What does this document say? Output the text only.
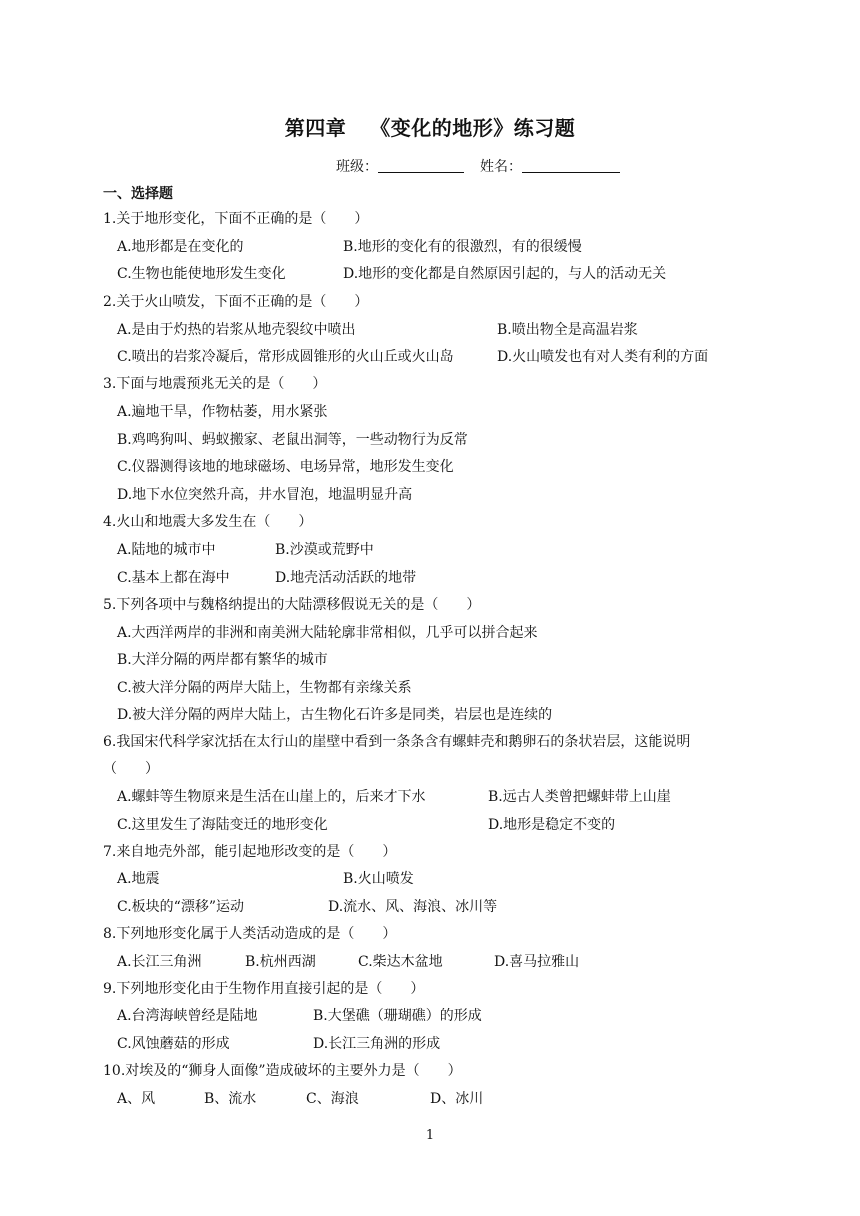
第四章 《变化的地形》练习题
班级：	姓名：
一、选择题
1.关于地形变化，下面不正确的是（　　）
A.地形都是在变化的	B.地形的变化有的很激烈，有的很缓慢
C.生物也能使地形发生变化	D.地形的变化都是自然原因引起的，与人的活动无关
2.关于火山喷发，下面不正确的是（　　）
A.是由于灼热的岩浆从地壳裂纹中喷出	B.喷出物全是高温岩浆
C.喷出的岩浆冷凝后，常形成圆锥形的火山丘或火山岛	D.火山喷发也有对人类有利的方面
3.下面与地震预兆无关的是（　　）
A.遍地干旱，作物枯萎，用水紧张
B.鸡鸣狗叫、蚂蚁搬家、老鼠出洞等，一些动物行为反常
C.仪器测得该地的地球磁场、电场异常，地形发生变化
D.地下水位突然升高，井水冒泡，地温明显升高
4.火山和地震大多发生在（　　）
A.陆地的城市中	B.沙漠或荒野中
C.基本上都在海中	D.地壳活动活跃的地带
5.下列各项中与魏格纳提出的大陆漂移假说无关的是（　　）
A.大西洋两岸的非洲和南美洲大陆轮廓非常相似，几乎可以拼合起来
B.大洋分隔的两岸都有繁华的城市
C.被大洋分隔的两岸大陆上，生物都有亲缘关系
D.被大洋分隔的两岸大陆上，古生物化石许多是同类，岩层也是连续的
6.我国宋代科学家沈括在太行山的崖壁中看到一条条含有螺蚌壳和鹅卵石的条状岩层，这能说明
（　　）
A.螺蚌等生物原来是生活在山崖上的，后来才下水	B.远古人类曾把螺蚌带上山崖
C.这里发生了海陆变迁的地形变化	D.地形是稳定不变的
7.来自地壳外部，能引起地形改变的是（　　）
A.地震	B.火山喷发
C.板块的“漂移”运动	D.流水、风、海浪、冰川等
8.下列地形变化属于人类活动造成的是（　　）
A.长江三角洲	B.杭州西湖	C.柴达木盆地	D.喜马拉雅山
9.下列地形变化由于生物作用直接引起的是（　　）
A.台湾海峡曾经是陆地	B.大堡礁（珊瑚礁）的形成
C.风蚀蘑菇的形成	D.长江三角洲的形成
10.对埃及的“狮身人面像”造成破坏的主要外力是（　　）
A、风	B、流水	C、海浪	D、冰川
1
